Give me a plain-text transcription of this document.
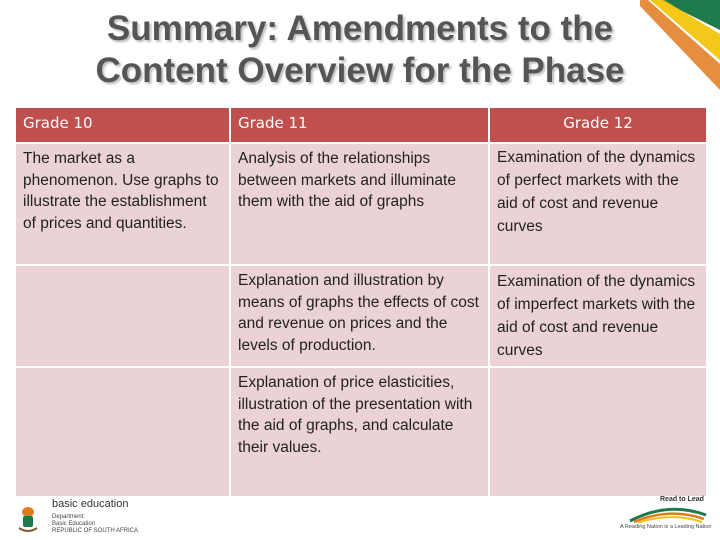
Summary: Amendments to the
Content Overview for the Phase
Grade 10	Grade 11	Grade 12
The market as a phenomenon. Use graphs to illustrate the establishment of prices and quantities.	Analysis of the relationships between markets and illuminate them with the aid of graphs	Examination of the dynamics of perfect markets with the aid of cost and revenue curves
	Explanation and illustration by means of graphs the effects of cost and revenue on prices and the levels of production.	Examination of the dynamics of imperfect markets with the aid of cost and revenue curves
	Explanation of price elasticities, illustration of the presentation with the aid of graphs, and calculate their values.	
basic education
Department:
Basic Education
REPUBLIC OF SOUTH AFRICA
Read to Lead
A Reading Nation is a Leading Nation
